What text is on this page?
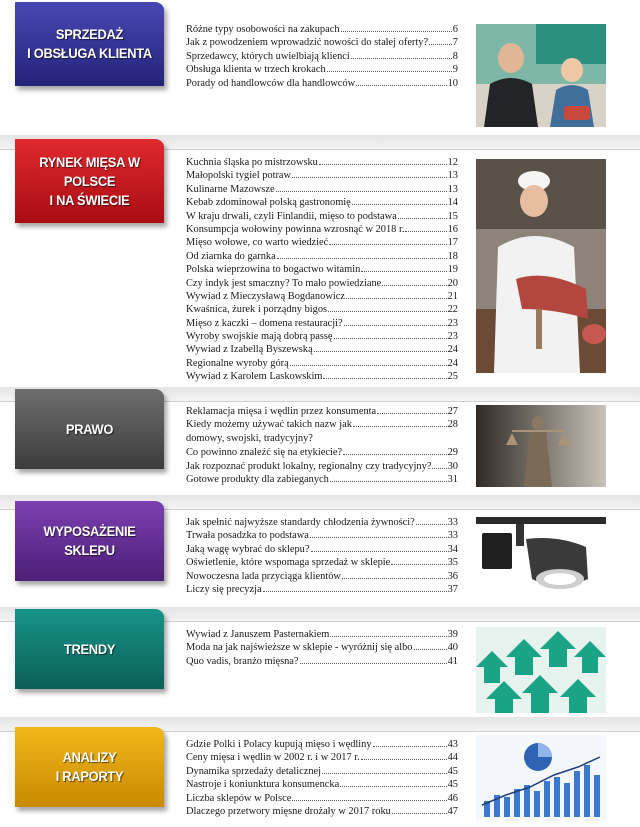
SPRZEDAŻ
I OBSŁUGA KLIENTA
Różne typy osobowości na zakupach	6
Jak z powodzeniem wprowadzić nowości do stałej oferty? 7
Sprzedawcy, których uwielbiają klienci	8
Obsługa klienta w trzech krokach	9
Porady od handlowców dla handlowców	10
RYNEK MIĘSA W POLSCE
I NA ŚWIECIE
Kuchnia śląska po mistrzowsku	12
Małopolski tygiel potraw	13
Kulinarne Mazowsze	13
Kebab zdominował polską gastronomię	14
W kraju drwali, czyli Finlandii, mięso to podstawa	15
Konsumpcja wołowiny powinna wzrosnąć w 2018 r.	16
Mięso wołowe, co warto wiedzieć	17
Od ziarnka do garnka	18
Polska wieprzowina to bogactwo witamin	19
Czy indyk jest smaczny? To mało powiedziane	20
Wywiad z Mieczysławą Bogdanowicz	21
Kwaśnica, żurek i porządny bigos	22
Mięso z kaczki – domena restauracji?	23
Wyroby swojskie mają dobrą passę	23
Wywiad z Izabellą Byszewską	24
Regionalne wyroby górą	24
Wywiad z Karolem Laskowskim	25
PRAWO
Reklamacja mięsa i wędlin przez konsumenta	27
Kiedy możemy używać takich nazw jak
domowy, swojski, tradycyjny?
28
Co powinno znaleźć się na etykiecie?	29
Jak rozpoznać produkt lokalny, regionalny czy tradycyjny? 30
Gotowe produkty dla zabieganych	31
WYPOSAŻENIE
SKLEPU
Jak spełnić najwyższe standardy chłodzenia żywności?	33
Trwała posadzka to podstawa	33
Jaką wagę wybrać do sklepu?	34
Oświetlenie, które wspomaga sprzedaż w sklepie	35
Nowoczesna lada przyciąga klientów	36
Liczy się precyzja	37
TRENDY
Wywiad z Januszem Pasternakiem	39
Moda na jak najświeższe w sklepie - wyróżnij się albo	40
Quo vadis, branżo mięsna?	41
ANALIZY
I RAPORTY
Gdzie Polki i Polacy kupują mięso i wędliny	43
Ceny mięsa i wędlin w 2002 r. i w 2017 r.	44
Dynamika sprzedaży detalicznej	45
Nastroje i koniunktura konsumencka	45
Liczba sklepów w Polsce	46
Dlaczego przetwory mięsne drożały w 2017 roku	47
